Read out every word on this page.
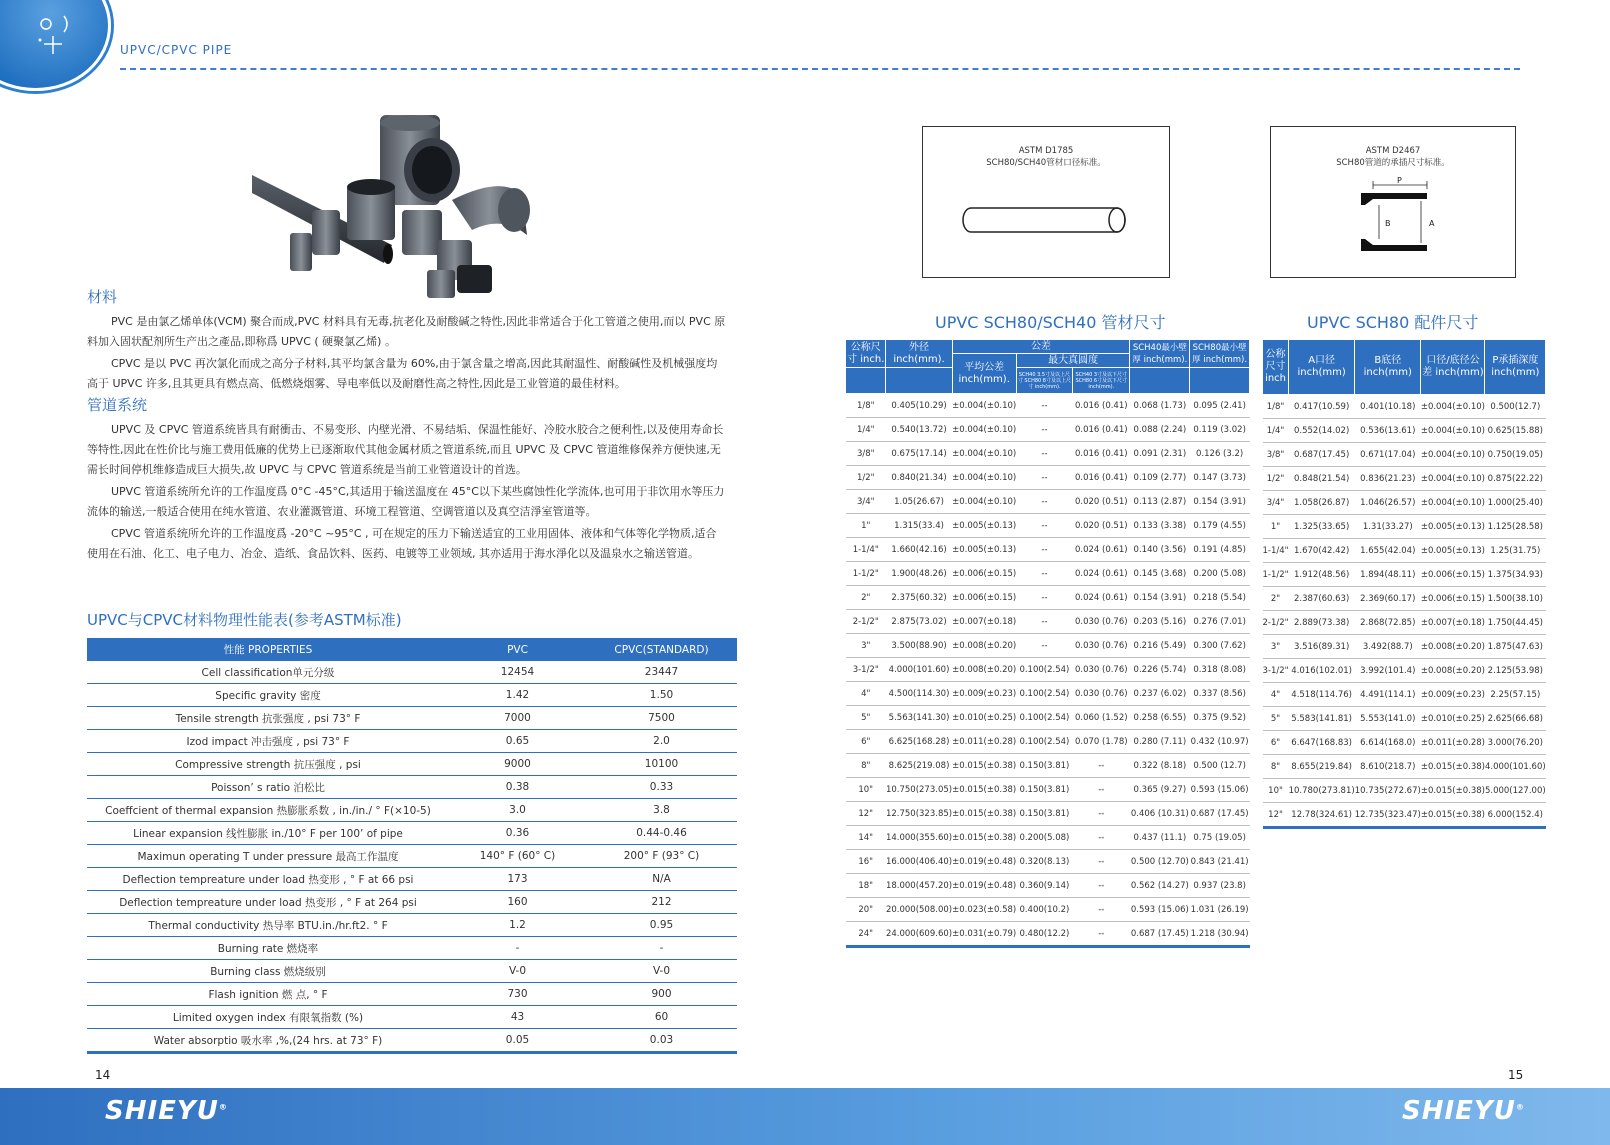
UPVC/CPVC PIPE
材料

PVC 是由氯乙烯单体(VCM) 聚合而成,PVC 材料具有无毒,抗老化及耐酸碱之特性,因此非常适合于化工管道之使用,而以 PVC 原料加入固状配剂所生产出之產品,即称爲 UPVC ( 硬聚氯乙烯) 。

CPVC 是以 PVC 再次氯化而成之高分子材料,其平均氯含量为 60%,由于氯含量之增高,因此其耐温性、耐酸碱性及机械强度均高于 UPVC 许多,且其更具有燃点高、低燃烧烟雾、导电率低以及耐磨性高之特性,因此是工业管道的最佳材料。

管道系统

UPVC 及 CPVC 管道系统皆具有耐衝击、不易变形、内壁光滑、不易结垢、保温性能好、冷胶水胶合之便利性,以及使用寿命长等特性,因此在性价比与施工费用低廉的优势上已逐渐取代其他金属材质之管道系统,而且 UPVC 及 CPVC 管道维修保养方便快速,无需长时间停机维修造成巨大损失,故 UPVC 与 CPVC 管道系统是当前工业管道设计的首选。

UPVC 管道系统所允许的工作温度爲 0°C -45°C,其适用于输送温度在 45°C以下某些腐蚀性化学流体,也可用于非饮用水等压力流体的输送,一般适合使用在纯水管道、农业灌溉管道、环境工程管道、空调管道以及真空洁淨室管道等。

CPVC 管道系统所允许的工作温度爲 -20°C ~95°C , 可在规定的压力下输送适宜的工业用固体、液体和气体等化学物质,适合使用在石油、化工、电子电力、冶金、造纸、食品饮料、医药、电镀等工业领域, 其亦适用于海水淨化以及温泉水之输送管道。

UPVC与CPVC材料物理性能表(参考ASTM标准)
性能 PROPERTIES	PVC	CPVC(STANDARD)
Cell classification单元分级	12454	23447
Specific gravity 密度	1.42	1.50
Tensile strength 抗张强度 , psi 73° F	7000	7500
Izod impact 冲击强度 , psi 73° F	0.65	2.0
Compressive strength 抗压强度 , psi	9000	10100
Poisson’ s ratio 泊松比	0.38	0.33
Coeffcient of thermal expansion 热膨胀系数 , in./in./ ° F(×10-5)	3.0	3.8
Linear expansion 线性膨胀 in./10° F per 100’ of pipe	0.36	0.44-0.46
Maximun operating T under pressure 最高工作温度	140° F (60° C)	200° F (93° C)
Deflection tempreature under load 热变形 , ° F at 66 psi	173	N/A
Deflection tempreature under load 热变形 , ° F at 264 psi	160	212
Thermal conductivity 热导率 BTU.in./hr.ft2. ° F	1.2	0.95
Burning rate 燃烧率	-	-
Burning class 燃烧级别	V-0	V-0
Flash ignition 燃 点, ° F	730	900
Limited oxygen index 有限氧指数 (%)	43	60
Water absorptio 吸水率 ,%,(24 hrs. at 73° F)	0.05	0.03
ASTM D1785
SCH80/SCH40管材口径标准。
ASTM D2467
SCH80管道的承插尺寸标准。
P
B	A
UPVC SCH80/SCH40 管材尺寸
公称尺寸 inch.	外径 inch(mm).	公差			SCH40最小壁厚 inch(mm).	SCH80最小壁厚 inch(mm).
		平均公差 inch(mm).	最大真圆度			
			SCH40 3.5寸及以上尺寸 SCH80 8寸及以上尺寸 inch(mm).	SCH40 3寸及以下尺寸 SCH80 6寸及以下尺寸 inch(mm).		
1/8"	0.405(10.29)	±0.004(±0.10)	--	0.016 (0.41)	0.068 (1.73)	0.095 (2.41)
1/4"	0.540(13.72)	±0.004(±0.10)	--	0.016 (0.41)	0.088 (2.24)	0.119 (3.02)
3/8"	0.675(17.14)	±0.004(±0.10)	--	0.016 (0.41)	0.091 (2.31)	0.126 (3.2)
1/2"	0.840(21.34)	±0.004(±0.10)	--	0.016 (0.41)	0.109 (2.77)	0.147 (3.73)
3/4"	1.05(26.67)	±0.004(±0.10)	--	0.020 (0.51)	0.113 (2.87)	0.154 (3.91)
1"	1.315(33.4)	±0.005(±0.13)	--	0.020 (0.51)	0.133 (3.38)	0.179 (4.55)
1-1/4"	1.660(42.16)	±0.005(±0.13)	--	0.024 (0.61)	0.140 (3.56)	0.191 (4.85)
1-1/2"	1.900(48.26)	±0.006(±0.15)	--	0.024 (0.61)	0.145 (3.68)	0.200 (5.08)
2"	2.375(60.32)	±0.006(±0.15)	--	0.024 (0.61)	0.154 (3.91)	0.218 (5.54)
2-1/2"	2.875(73.02)	±0.007(±0.18)	--	0.030 (0.76)	0.203 (5.16)	0.276 (7.01)
3"	3.500(88.90)	±0.008(±0.20)	--	0.030 (0.76)	0.216 (5.49)	0.300 (7.62)
3-1/2"	4.000(101.60)	±0.008(±0.20)	0.100(2.54)	0.030 (0.76)	0.226 (5.74)	0.318 (8.08)
4"	4.500(114.30)	±0.009(±0.23)	0.100(2.54)	0.030 (0.76)	0.237 (6.02)	0.337 (8.56)
5"	5.563(141.30)	±0.010(±0.25)	0.100(2.54)	0.060 (1.52)	0.258 (6.55)	0.375 (9.52)
6"	6.625(168.28)	±0.011(±0.28)	0.100(2.54)	0.070 (1.78)	0.280 (7.11)	0.432 (10.97)
8"	8.625(219.08)	±0.015(±0.38)	0.150(3.81)	--	0.322 (8.18)	0.500 (12.7)
10"	10.750(273.05)	±0.015(±0.38)	0.150(3.81)	--	0.365 (9.27)	0.593 (15.06)
12"	12.750(323.85)	±0.015(±0.38)	0.150(3.81)	--	0.406 (10.31)	0.687 (17.45)
14"	14.000(355.60)	±0.015(±0.38)	0.200(5.08)	--	0.437 (11.1)	0.75 (19.05)
16"	16.000(406.40)	±0.019(±0.48)	0.320(8.13)	--	0.500 (12.70)	0.843 (21.41)
18"	18.000(457.20)	±0.019(±0.48)	0.360(9.14)	--	0.562 (14.27)	0.937 (23.8)
20"	20.000(508.00)	±0.023(±0.58)	0.400(10.2)	--	0.593 (15.06)	1.031 (26.19)
24"	24.000(609.60)	±0.031(±0.79)	0.480(12.2)	--	0.687 (17.45)	1.218 (30.94)
UPVC SCH80 配件尺寸
公称尺寸 inch	A口径 inch(mm)	B底径 inch(mm)	口径/底径公差 inch(mm)	P承插深度 inch(mm)
1/8"	0.417(10.59)	0.401(10.18)	±0.004(±0.10)	0.500(12.7)
1/4"	0.552(14.02)	0.536(13.61)	±0.004(±0.10)	0.625(15.88)
3/8"	0.687(17.45)	0.671(17.04)	±0.004(±0.10)	0.750(19.05)
1/2"	0.848(21.54)	0.836(21.23)	±0.004(±0.10)	0.875(22.22)
3/4"	1.058(26.87)	1.046(26.57)	±0.004(±0.10)	1.000(25.40)
1"	1.325(33.65)	1.31(33.27)	±0.005(±0.13)	1.125(28.58)
1-1/4"	1.670(42.42)	1.655(42.04)	±0.005(±0.13)	1.25(31.75)
1-1/2"	1.912(48.56)	1.894(48.11)	±0.006(±0.15)	1.375(34.93)
2"	2.387(60.63)	2.369(60.17)	±0.006(±0.15)	1.500(38.10)
2-1/2"	2.889(73.38)	2.868(72.85)	±0.007(±0.18)	1.750(44.45)
3"	3.516(89.31)	3.492(88.7)	±0.008(±0.20)	1.875(47.63)
3-1/2"	4.016(102.01)	3.992(101.4)	±0.008(±0.20)	2.125(53.98)
4"	4.518(114.76)	4.491(114.1)	±0.009(±0.23)	2.25(57.15)
5"	5.583(141.81)	5.553(141.0)	±0.010(±0.25)	2.625(66.68)
6"	6.647(168.83)	6.614(168.0)	±0.011(±0.28)	3.000(76.20)
8"	8.655(219.84)	8.610(218.7)	±0.015(±0.38)	4.000(101.60)
10"	10.780(273.81)	10.735(272.67)	±0.015(±0.38)	5.000(127.00)
12"	12.78(324.61)	12.735(323.47)	±0.015(±0.38)	6.000(152.4)
14	15
SHIEYU®	SHIEYU®
